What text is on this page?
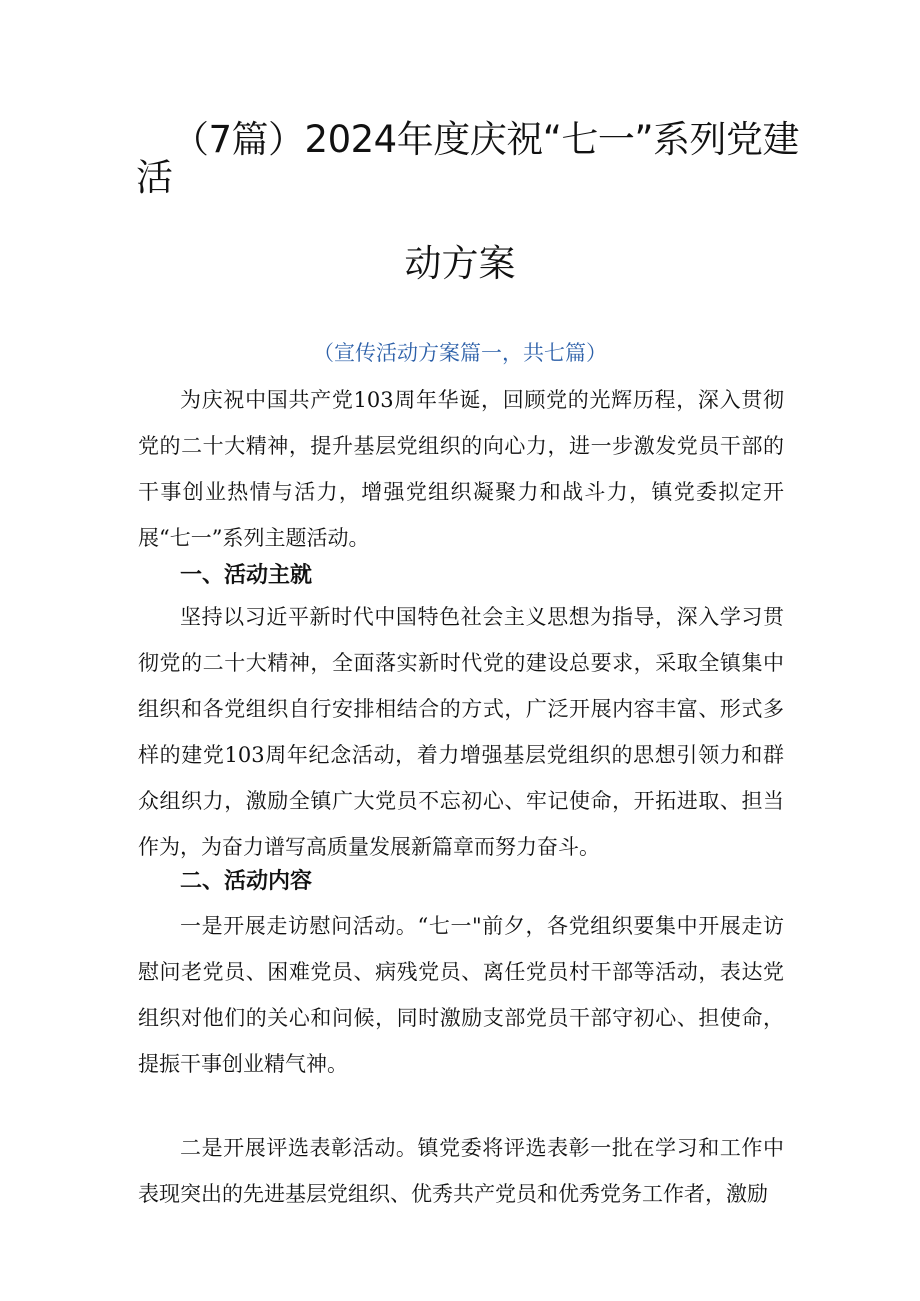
（7篇）2024年度庆祝“七一”系列党建
活
动方案
（宣传活动方案篇一，共七篇）

为庆祝中国共产党103周年华诞，回顾党的光辉历程，深入贯彻党的二十大精神，提升基层党组织的向心力，进一步激发党员干部的干事创业热情与活力，增强党组织凝聚力和战斗力，镇党委拟定开展“七一”系列主题活动。

一、活动主就

坚持以习近平新时代中国特色社会主义思想为指导，深入学习贯彻党的二十大精神，全面落实新时代党的建设总要求，采取全镇集中组织和各党组织自行安排相结合的方式，广泛开展内容丰富、形式多样的建党103周年纪念活动，着力增强基层党组织的思想引领力和群众组织力，激励全镇广大党员不忘初心、牢记使命，开拓进取、担当作为，为奋力谱写高质量发展新篇章而努力奋斗。

二、活动内容

一是开展走访慰问活动。“七一"前夕，各党组织要集中开展走访慰问老党员、困难党员、病残党员、离任党员村干部等活动，表达党组织对他们的关心和问候，同时激励支部党员干部守初心、担使命，提振干事创业精气神。

二是开展评选表彰活动。镇党委将评选表彰一批在学习和工作中表现突出的先进基层党组织、优秀共产党员和优秀党务工作者，激励
